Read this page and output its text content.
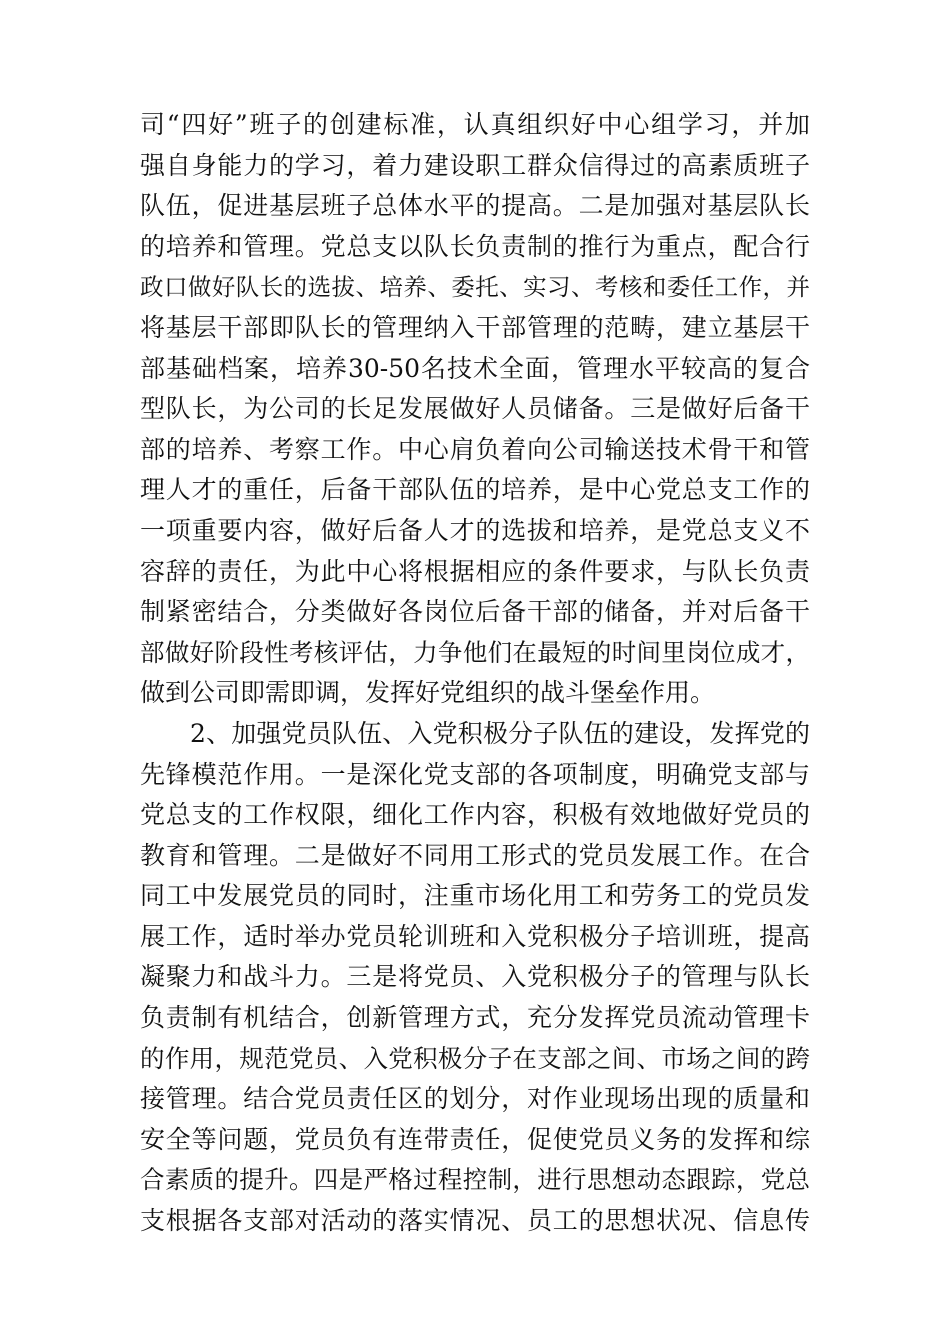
司“四好”班子的创建标准，认真组织好中心组学习，并加
强自身能力的学习，着力建设职工群众信得过的高素质班子
队伍，促进基层班子总体水平的提高。二是加强对基层队长
的培养和管理。党总支以队长负责制的推行为重点，配合行
政口做好队长的选拔、培养、委托、实习、考核和委任工作，并
将基层干部即队长的管理纳入干部管理的范畴，建立基层干
部基础档案，培养30-50名技术全面，管理水平较高的复合
型队长，为公司的长足发展做好人员储备。三是做好后备干
部的培养、考察工作。中心肩负着向公司输送技术骨干和管
理人才的重任，后备干部队伍的培养，是中心党总支工作的
一项重要内容，做好后备人才的选拔和培养，是党总支义不
容辞的责任，为此中心将根据相应的条件要求，与队长负责
制紧密结合，分类做好各岗位后备干部的储备，并对后备干
部做好阶段性考核评估，力争他们在最短的时间里岗位成才，
做到公司即需即调，发挥好党组织的战斗堡垒作用。
2、加强党员队伍、入党积极分子队伍的建设，发挥党的
先锋模范作用。一是深化党支部的各项制度，明确党支部与
党总支的工作权限，细化工作内容，积极有效地做好党员的
教育和管理。二是做好不同用工形式的党员发展工作。在合
同工中发展党员的同时，注重市场化用工和劳务工的党员发
展工作，适时举办党员轮训班和入党积极分子培训班，提高
凝聚力和战斗力。三是将党员、入党积极分子的管理与队长
负责制有机结合，创新管理方式，充分发挥党员流动管理卡
的作用，规范党员、入党积极分子在支部之间、市场之间的跨
接管理。结合党员责任区的划分，对作业现场出现的质量和
安全等问题，党员负有连带责任，促使党员义务的发挥和综
合素质的提升。四是严格过程控制，进行思想动态跟踪，党总
支根据各支部对活动的落实情况、员工的思想状况、信息传
